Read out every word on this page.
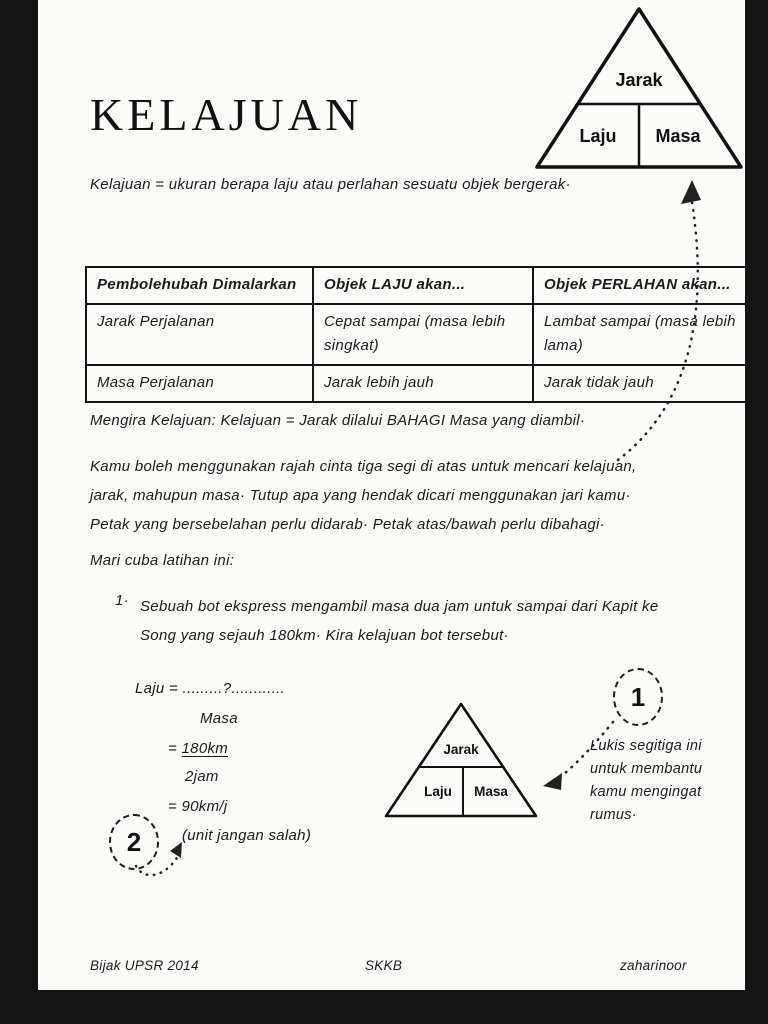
KELAJUAN
Jarak
Laju	Masa
Kelajuan = ukuran berapa laju atau perlahan sesuatu objek bergerak·
Pembolehubah Dimalarkan	Objek LAJU akan...	Objek PERLAHAN akan...
Jarak Perjalanan	Cepat sampai (masa lebih singkat)	Lambat sampai (masa lebih lama)
Masa Perjalanan	Jarak lebih jauh	Jarak tidak jauh
Mengira Kelajuan: Kelajuan = Jarak dilalui BAHAGI Masa yang diambil·
Kamu boleh menggunakan rajah cinta tiga segi di atas untuk mencari kelajuan,
jarak, mahupun masa· Tutup apa yang hendak dicari menggunakan jari kamu·
Petak yang bersebelahan perlu didarab· Petak atas/bawah perlu dibahagi·
Mari cuba latihan ini:
1· Sebuah bot ekspress mengambil masa dua jam untuk sampai dari Kapit ke
Song yang sejauh 180km· Kira kelajuan bot tersebut·
Laju = .........?............
Masa
= 180km
2jam
= 90km/j
(unit jangan salah)
2
Jarak
Laju	Masa
1
Lukis segitiga ini
untuk membantu
kamu mengingat
rumus·
Bijak UPSR 2014	SKKB	zaharinoor
